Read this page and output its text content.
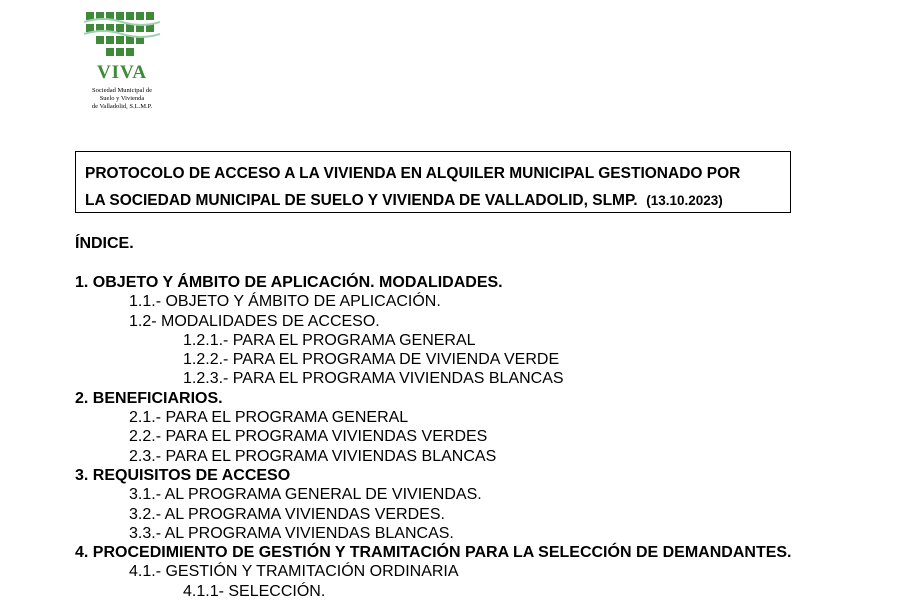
VIVA
Sociedad Municipal de
Suelo y Vivienda
de Valladolid, S.L.M.P.
PROTOCOLO DE ACCESO A LA VIVIENDA EN ALQUILER MUNICIPAL GESTIONADO POR
LA SOCIEDAD MUNICIPAL DE SUELO Y VIVIENDA DE VALLADOLID, SLMP. (13.10.2023)
ÍNDICE.
1. OBJETO Y ÁMBITO DE APLICACIÓN. MODALIDADES.
1.1.- OBJETO Y ÁMBITO DE APLICACIÓN.
1.2- MODALIDADES DE ACCESO.
1.2.1.- PARA EL PROGRAMA GENERAL
1.2.2.- PARA EL PROGRAMA DE VIVIENDA VERDE
1.2.3.- PARA EL PROGRAMA VIVIENDAS BLANCAS
2. BENEFICIARIOS.
2.1.- PARA EL PROGRAMA GENERAL
2.2.- PARA EL PROGRAMA VIVIENDAS VERDES
2.3.- PARA EL PROGRAMA VIVIENDAS BLANCAS
3. REQUISITOS DE ACCESO
3.1.- AL PROGRAMA GENERAL DE VIVIENDAS.
3.2.- AL PROGRAMA VIVIENDAS VERDES.
3.3.- AL PROGRAMA VIVIENDAS BLANCAS.
4. PROCEDIMIENTO DE GESTIÓN Y TRAMITACIÓN PARA LA SELECCIÓN DE DEMANDANTES.
4.1.- GESTIÓN Y TRAMITACIÓN ORDINARIA
4.1.1- SELECCIÓN.
